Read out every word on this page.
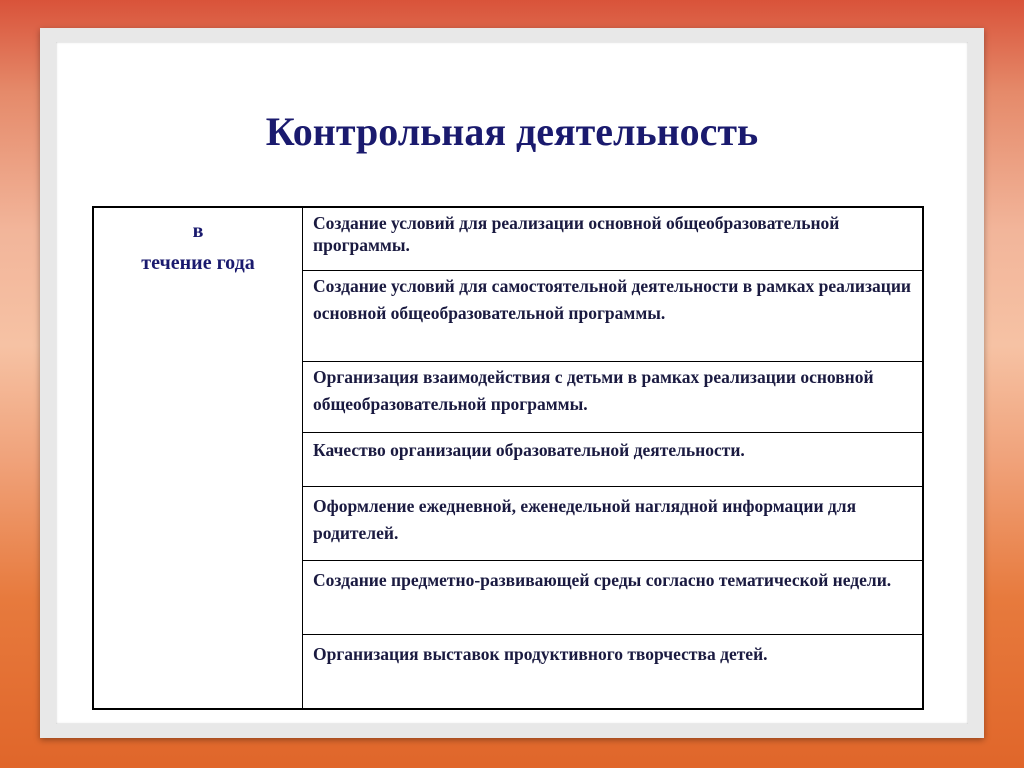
Контрольная деятельность
в
течение года
	Создание условий для реализации основной общеобразовательной программы.
Создание условий для самостоятельной деятельности в рамках реализации основной общеобразовательной программы.
Организация взаимодействия с детьми в рамках реализации основной общеобразовательной программы.
Качество организации образовательной деятельности.
Оформление ежедневной, еженедельной наглядной информации для родителей.
Создание предметно-развивающей среды согласно тематической недели.
Организация выставок продуктивного творчества детей.
